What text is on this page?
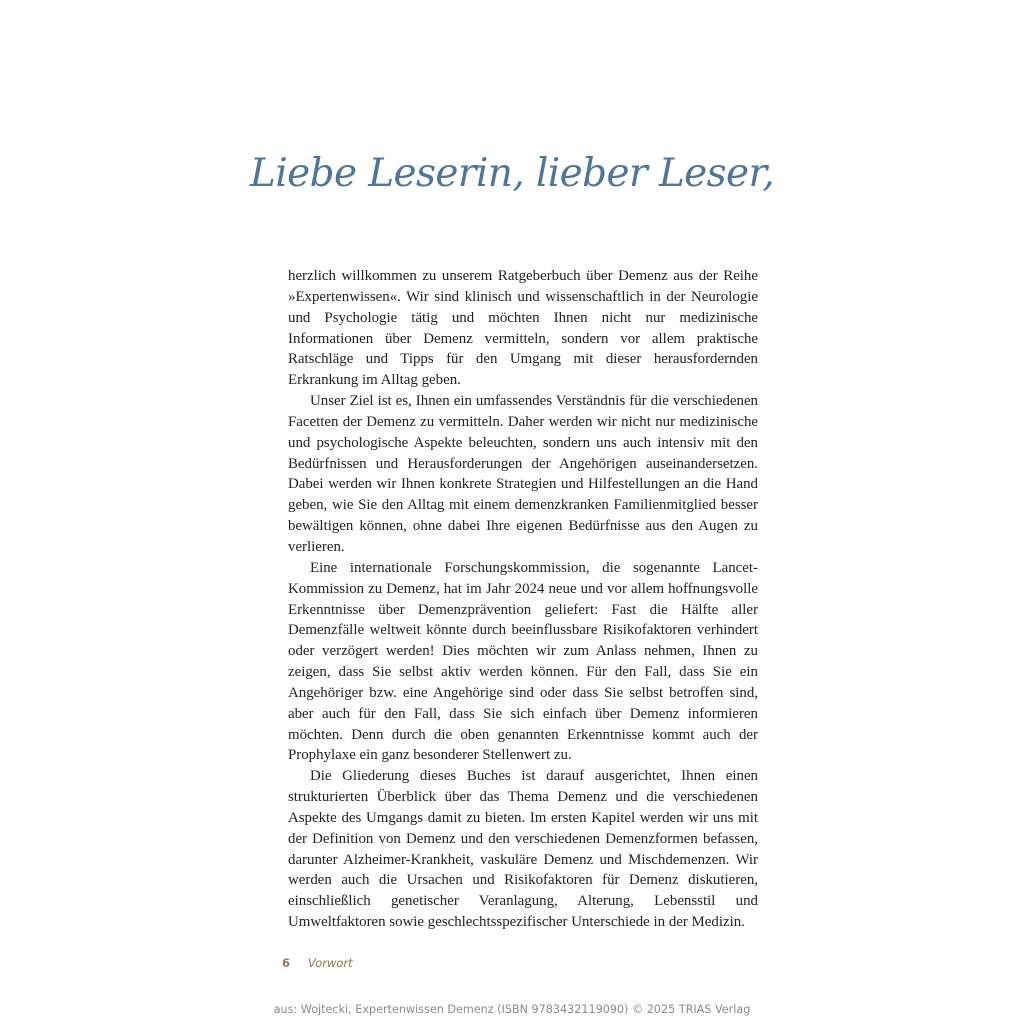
Liebe Leserin, lieber Leser,

herzlich willkommen zu unserem Ratgeberbuch über Demenz aus der Reihe »Expertenwissen«. Wir sind klinisch und wissenschaftlich in der Neurologie und Psychologie tätig und möchten Ihnen nicht nur medizinische Informationen über Demenz vermitteln, sondern vor allem praktische Ratschläge und Tipps für den Umgang mit dieser herausfordernden Erkrankung im Alltag geben.

Unser Ziel ist es, Ihnen ein umfassendes Verständnis für die verschiedenen Facetten der Demenz zu vermitteln. Daher werden wir nicht nur medizinische und psychologische Aspekte beleuchten, sondern uns auch intensiv mit den Bedürfnissen und Herausforderungen der Angehörigen auseinandersetzen. Dabei werden wir Ihnen konkrete Strategien und Hilfestellungen an die Hand geben, wie Sie den Alltag mit einem demenzkranken Familienmitglied besser bewältigen können, ohne dabei Ihre eigenen Bedürfnisse aus den Augen zu verlieren.

Eine internationale Forschungskommission, die sogenannte Lancet-Kommission zu Demenz, hat im Jahr 2024 neue und vor allem hoffnungsvolle Erkenntnisse über Demenzprävention geliefert: Fast die Hälfte aller Demenzfälle weltweit könnte durch beeinflussbare Risikofaktoren verhindert oder verzögert werden! Dies möchten wir zum Anlass nehmen, Ihnen zu zeigen, dass Sie selbst aktiv werden können. Für den Fall, dass Sie ein Angehöriger bzw. eine Angehörige sind oder dass Sie selbst betroffen sind, aber auch für den Fall, dass Sie sich einfach über Demenz informieren möchten. Denn durch die oben genannten Erkenntnisse kommt auch der Prophylaxe ein ganz besonderer Stellenwert zu.

Die Gliederung dieses Buches ist darauf ausgerichtet, Ihnen einen strukturierten Überblick über das Thema Demenz und die verschiedenen Aspekte des Umgangs damit zu bieten. Im ersten Kapitel werden wir uns mit der Definition von Demenz und den verschiedenen Demenzformen befassen, darunter Alzheimer-Krankheit, vaskuläre Demenz und Mischdemenzen. Wir werden auch die Ursachen und Risikofaktoren für Demenz diskutieren, einschließlich genetischer Veranlagung, Alterung, Lebensstil und Umweltfaktoren sowie geschlechtsspezifischer Unterschiede in der Medizin.

6 Vorwort
aus: Wojtecki, Expertenwissen Demenz (ISBN 9783432119090) © 2025 TRIAS Verlag
